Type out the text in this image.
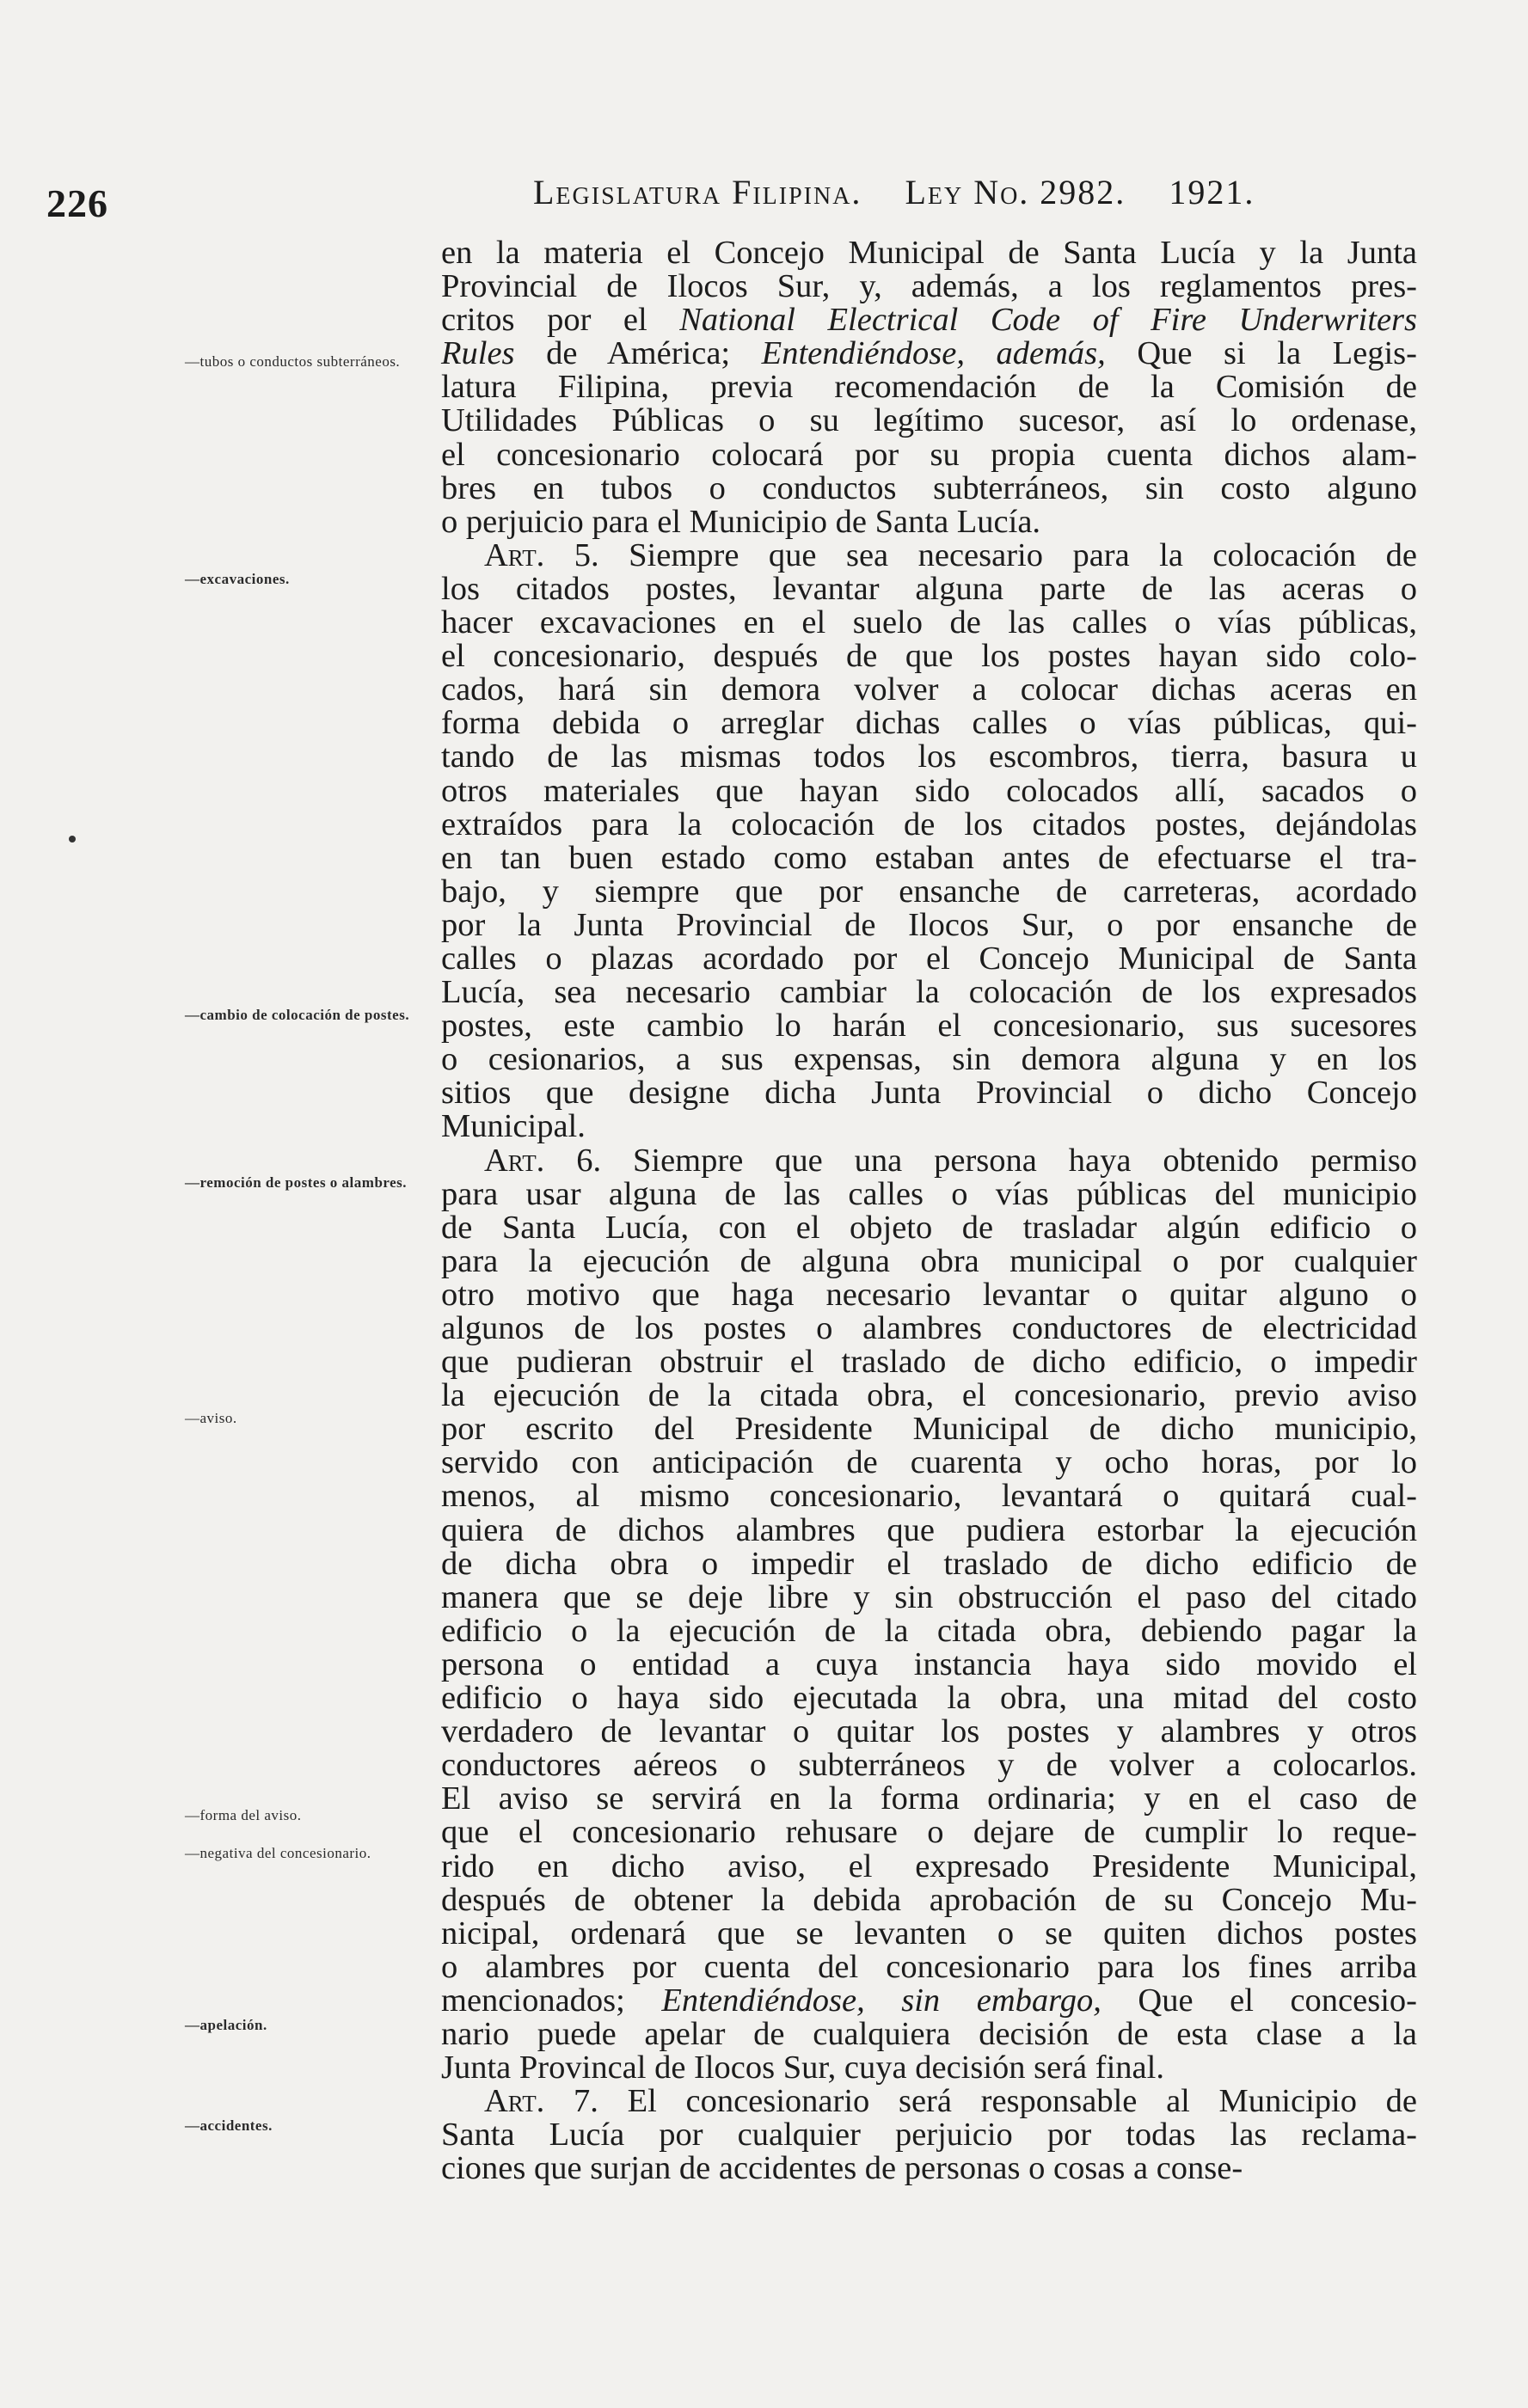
226	Legislatura Filipina. Ley No. 2982. 1921.
—tubos o conductos subterráneos.
—excavaciones.
—cambio de colocación de postes.
—remoción de postes o alambres.
—aviso.
—forma del aviso.
—negativa del concesionario.
—apelación.
—accidentes.
en la materia el Concejo Municipal de Santa Lucía y la Junta
Provincial de Ilocos Sur, y, además, a los reglamentos pres-
critos por el National Electrical Code of Fire Underwriters
Rules de América; Entendiéndose, además, Que si la Legis-
latura Filipina, previa recomendación de la Comisión de
Utilidades Públicas o su legítimo sucesor, así lo ordenase,
el concesionario colocará por su propia cuenta dichos alam-
bres en tubos o conductos subterráneos, sin costo alguno
o perjuicio para el Municipio de Santa Lucía.
Art. 5. Siempre que sea necesario para la colocación de
los citados postes, levantar alguna parte de las aceras o
hacer excavaciones en el suelo de las calles o vías públicas,
el concesionario, después de que los postes hayan sido colo-
cados, hará sin demora volver a colocar dichas aceras en
forma debida o arreglar dichas calles o vías públicas, qui-
tando de las mismas todos los escombros, tierra, basura u
otros materiales que hayan sido colocados allí, sacados o
extraídos para la colocación de los citados postes, dejándolas
en tan buen estado como estaban antes de efectuarse el tra-
bajo, y siempre que por ensanche de carreteras, acordado
por la Junta Provincial de Ilocos Sur, o por ensanche de
calles o plazas acordado por el Concejo Municipal de Santa
Lucía, sea necesario cambiar la colocación de los expresados
postes, este cambio lo harán el concesionario, sus sucesores
o cesionarios, a sus expensas, sin demora alguna y en los
sitios que designe dicha Junta Provincial o dicho Concejo
Municipal.
Art. 6. Siempre que una persona haya obtenido permiso
para usar alguna de las calles o vías públicas del municipio
de Santa Lucía, con el objeto de trasladar algún edificio o
para la ejecución de alguna obra municipal o por cualquier
otro motivo que haga necesario levantar o quitar alguno o
algunos de los postes o alambres conductores de electricidad
que pudieran obstruir el traslado de dicho edificio, o impedir
la ejecución de la citada obra, el concesionario, previo aviso
por escrito del Presidente Municipal de dicho municipio,
servido con anticipación de cuarenta y ocho horas, por lo
menos, al mismo concesionario, levantará o quitará cual-
quiera de dichos alambres que pudiera estorbar la ejecución
de dicha obra o impedir el traslado de dicho edificio de
manera que se deje libre y sin obstrucción el paso del citado
edificio o la ejecución de la citada obra, debiendo pagar la
persona o entidad a cuya instancia haya sido movido el
edificio o haya sido ejecutada la obra, una mitad del costo
verdadero de levantar o quitar los postes y alambres y otros
conductores aéreos o subterráneos y de volver a colocarlos.
El aviso se servirá en la forma ordinaria; y en el caso de
que el concesionario rehusare o dejare de cumplir lo reque-
rido en dicho aviso, el expresado Presidente Municipal,
después de obtener la debida aprobación de su Concejo Mu-
nicipal, ordenará que se levanten o se quiten dichos postes
o alambres por cuenta del concesionario para los fines arriba
mencionados; Entendiéndose, sin embargo, Que el concesio-
nario puede apelar de cualquiera decisión de esta clase a la
Junta Provincal de Ilocos Sur, cuya decisión será final.
Art. 7. El concesionario será responsable al Municipio de
Santa Lucía por cualquier perjuicio por todas las reclama-
ciones que surjan de accidentes de personas o cosas a conse-
